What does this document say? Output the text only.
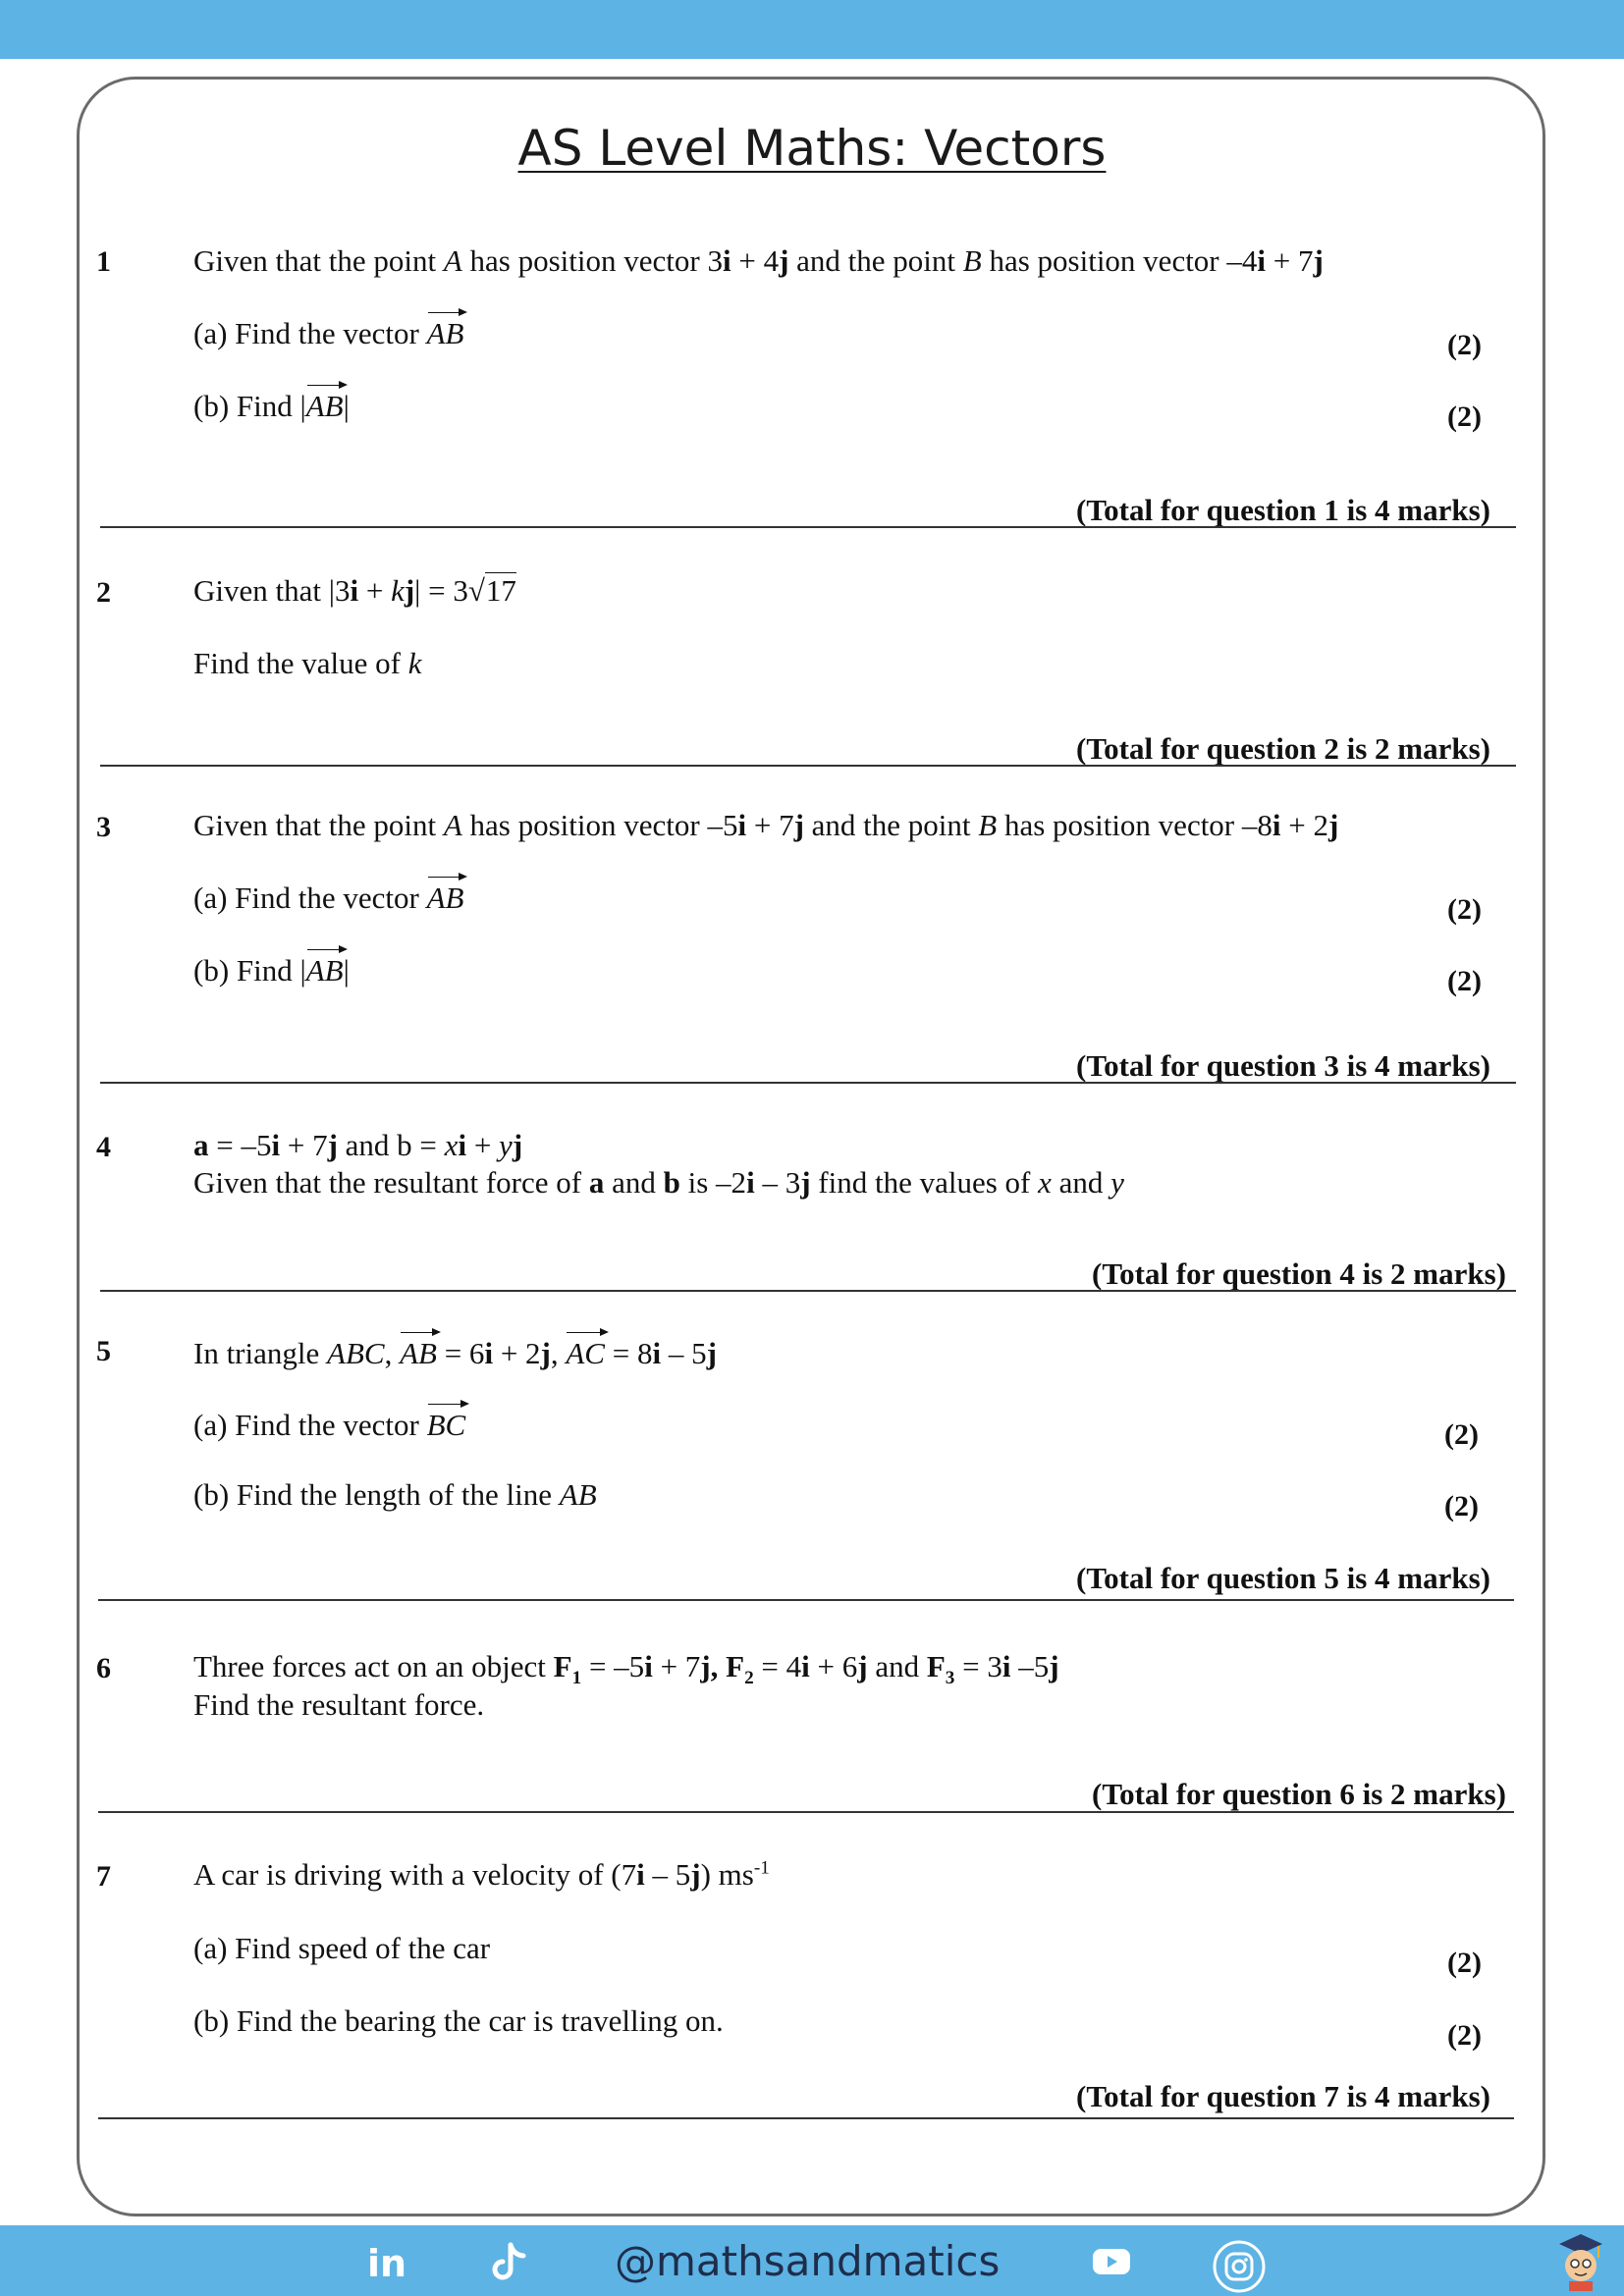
AS Level Maths: Vectors
1	Given that the point A has position vector 3i + 4j and the point B has position vector –4i + 7j
(a) Find the vector AB	(2)
(b) Find |AB|	(2)
(Total for question 1 is 4 marks)
2	Given that |3i + kj| = 3√17
Find the value of k
(Total for question 2 is 2 marks)
3	Given that the point A has position vector –5i + 7j and the point B has position vector –8i + 2j
(a) Find the vector AB	(2)
(b) Find |AB|	(2)
(Total for question 3 is 4 marks)
4	a = –5i + 7j and b = xi + yj
Given that the resultant force of a and b is –2i – 3j find the values of x and y
(Total for question 4 is 2 marks)
5	In triangle ABC, AB = 6i + 2j, AC = 8i – 5j
(a) Find the vector BC	(2)
(b) Find the length of the line AB	(2)
(Total for question 5 is 4 marks)
6	Three forces act on an object $F_1 = -5i + 7j$, $F_2 = 4i + 6j$ and $F_3 = 3i$ –5j
Find the resultant force.
(Total for question 6 is 2 marks)
7	A car is driving with a velocity of (7i – 5j) $ms^{-1}$
(a) Find speed of the car	(2)
(b) Find the bearing the car is travelling on.	(2)
(Total for question 7 is 4 marks)
in	@mathsandmatics
